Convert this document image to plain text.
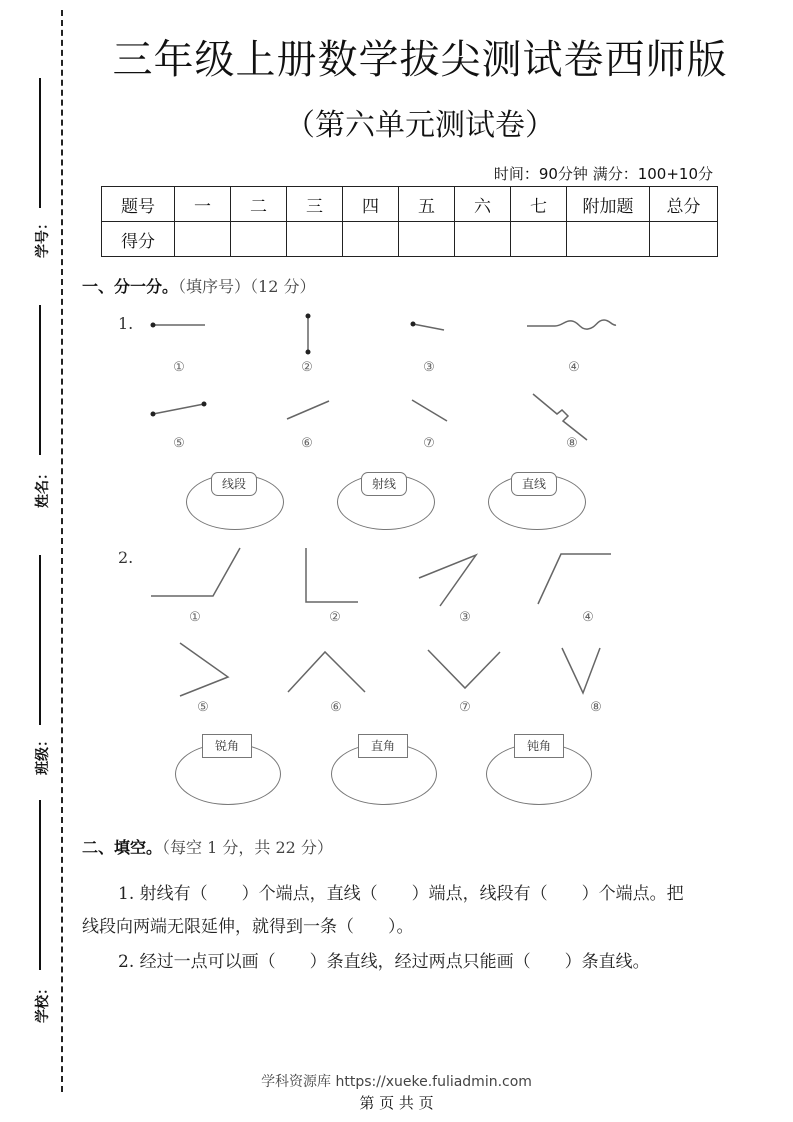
学号：
姓名：
班级：
学校：
三年级上册数学拔尖测试卷西师版
（第六单元测试卷）
时间：90分钟 满分：100+10分
题号	一	二	三	四	五	六	七	附加题	总分
得分									
一、分一分。（填序号）（12 分）
1.
①	②	③	④
⑤	⑥	⑦	⑧
线段	射线	直线
2.
①	②	③	④
⑤	⑥	⑦	⑧
锐角	直角	钝角
二、填空。（每空 1 分，共 22 分）
1. 射线有（　　）个端点，直线（　　）端点，线段有（　　）个端点。把
线段向两端无限延伸，就得到一条（　　）。
2. 经过一点可以画（　　）条直线，经过两点只能画（　　）条直线。
学科资源库 https://xueke.fuliadmin.com
第 页 共 页
